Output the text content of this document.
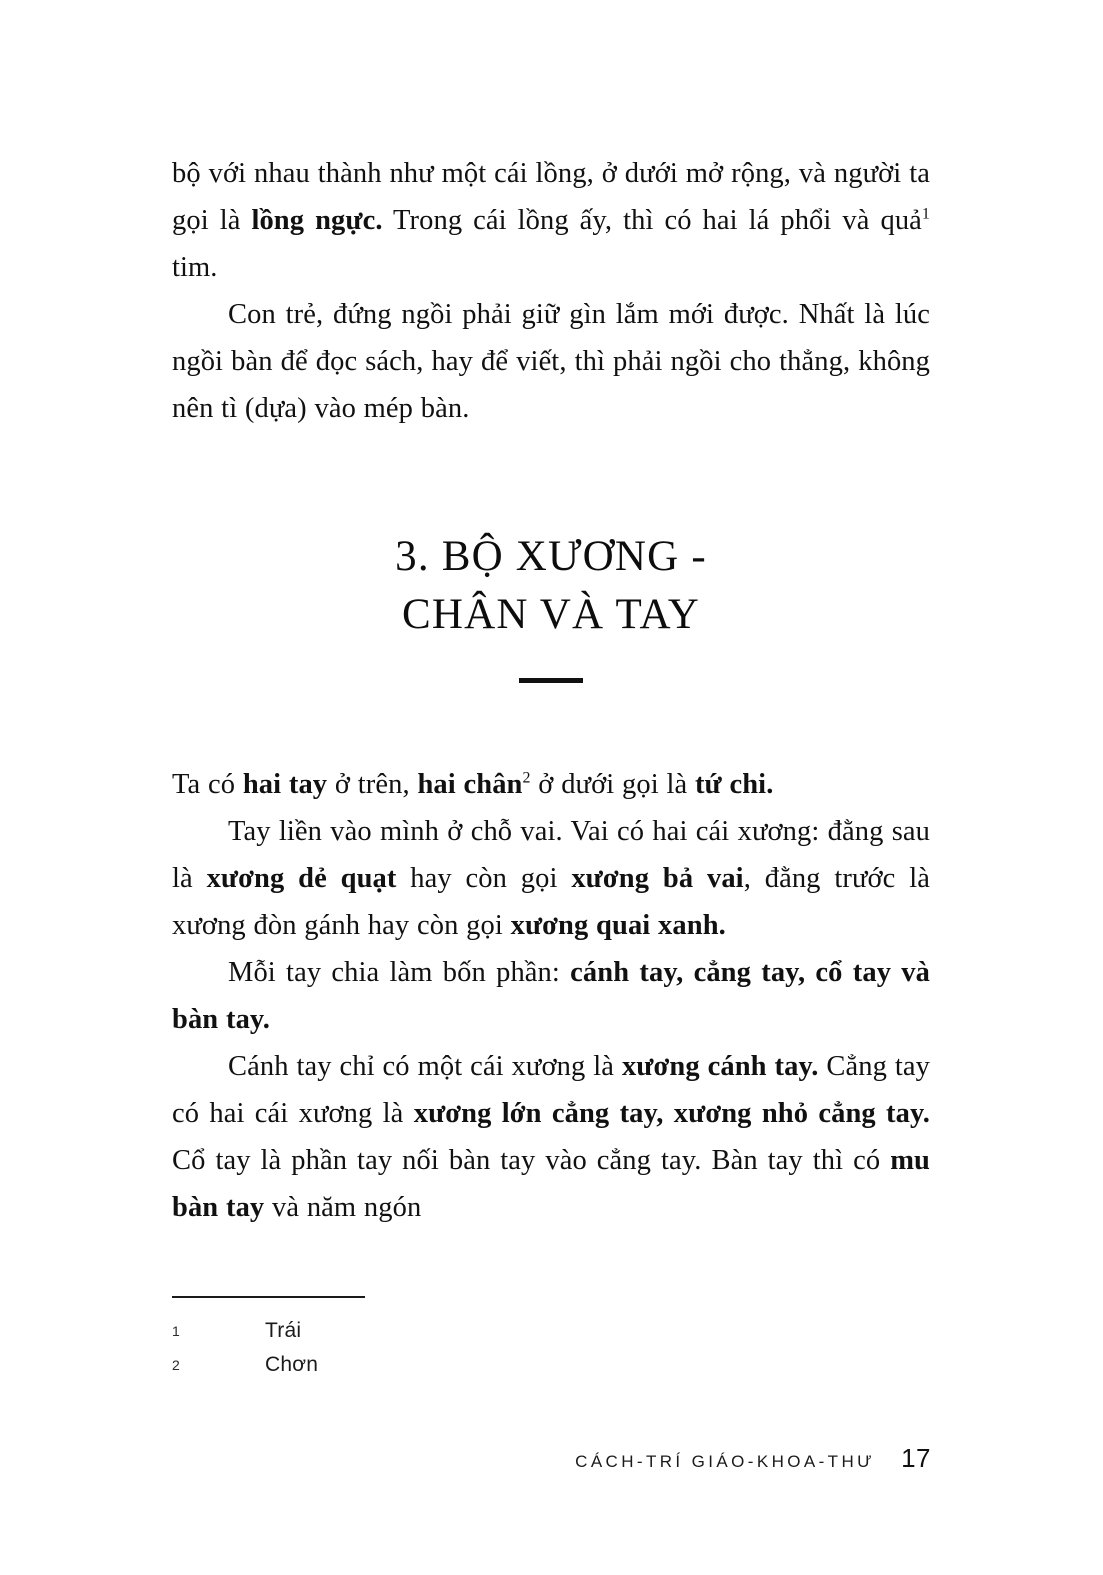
bộ với nhau thành như một cái lồng, ở dưới mở rộng, và người ta gọi là lồng ngực. Trong cái lồng ấy, thì có hai lá phổi và quả$^1$ tim.

Con trẻ, đứng ngồi phải giữ gìn lắm mới được. Nhất là lúc ngồi bàn để đọc sách, hay để viết, thì phải ngồi cho thẳng, không nên tì (dựa) vào mép bàn.

3. BỘ XƯƠNG -
CHÂN VÀ TAY

Ta có hai tay ở trên, hai chân$^2$ ở dưới gọi là tứ chi.

Tay liền vào mình ở chỗ vai. Vai có hai cái xương: đằng sau là xương dẻ quạt hay còn gọi xương bả vai, đằng trước là xương đòn gánh hay còn gọi xương quai xanh.

Mỗi tay chia làm bốn phần: cánh tay, cẳng tay, cổ tay và bàn tay.

Cánh tay chỉ có một cái xương là xương cánh tay. Cẳng tay có hai cái xương là xương lớn cẳng tay, xương nhỏ cẳng tay. Cổ tay là phần tay nối bàn tay vào cẳng tay. Bàn tay thì có mu bàn tay và năm ngón

1	Trái
2	Chơn
CÁCH-TRÍ GIÁO-KHOA-THƯ 17
